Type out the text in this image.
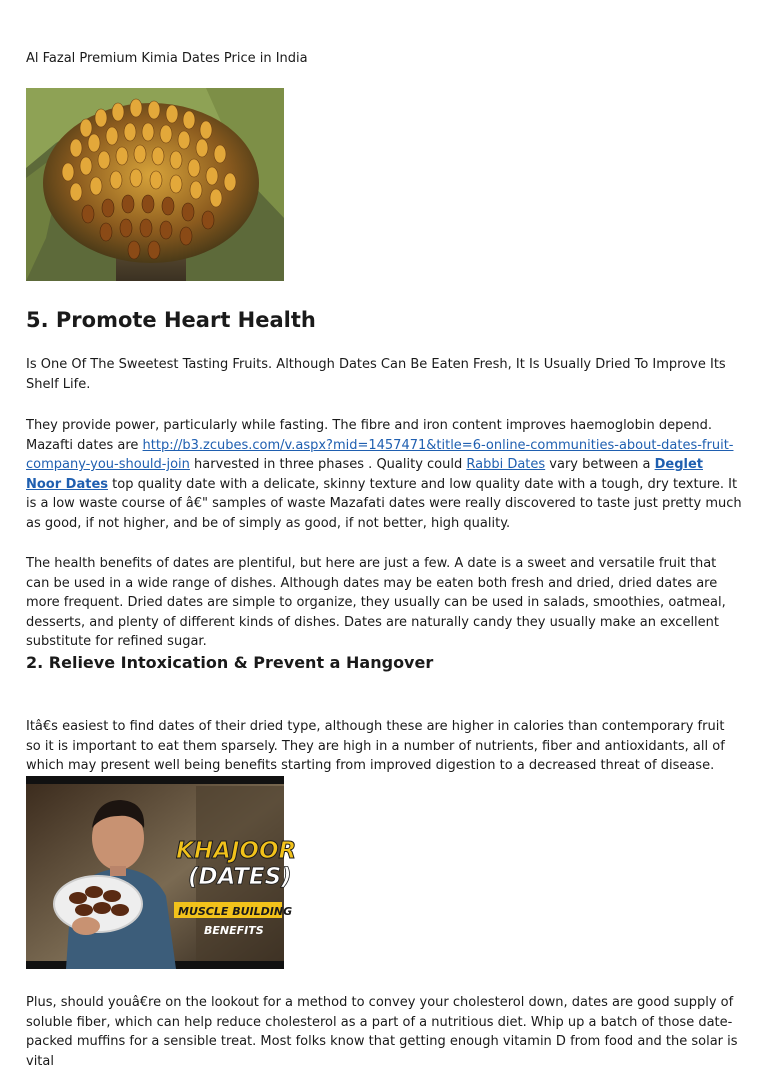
Al Fazal Premium Kimia Dates Price in India
5. Promote Heart Health

Is One Of The Sweetest Tasting Fruits. Although Dates Can Be Eaten Fresh, It Is Usually Dried To Improve Its Shelf Life.

They provide power, particularly while fasting. The fibre and iron content improves haemoglobin depend. Mazafti dates are http://b3.zcubes.com/v.aspx?mid=1457471&title=6-online-communities-about-dates-fruit-company-you-should-join harvested in three phases . Quality could Rabbi Dates vary between a Deglet Noor Dates top quality date with a delicate, skinny texture and low quality date with a tough, dry texture. It is a low waste course of â€" samples of waste Mazafati dates were really discovered to taste just pretty much as good, if not higher, and be of simply as good, if not better, high quality.

The health benefits of dates are plentiful, but here are just a few. A date is a sweet and versatile fruit that can be used in a wide range of dishes. Although dates may be eaten both fresh and dried, dried dates are more frequent. Dried dates are simple to organize, they usually can be used in salads, smoothies, oatmeal, desserts, and plenty of different kinds of dishes. Dates are naturally candy they usually make an excellent substitute for refined sugar.

2. Relieve Intoxication & Prevent a Hangover

Itâ€s easiest to find dates of their dried type, although these are higher in calories than contemporary fruit so it is important to eat them sparsely. They are high in a number of nutrients, fiber and antioxidants, all of which may present well being benefits starting from improved digestion to a decreased threat of disease.

KHAJOOR
(DATES)
MUSCLE BUILDING
BENEFITS

Plus, should youâ€re on the lookout for a method to convey your cholesterol down, dates are good supply of soluble fiber, which can help reduce cholesterol as a part of a nutritious diet. Whip up a batch of those date-packed muffins for a sensible treat. Most folks know that getting enough vitamin D from food and the solar is vital
